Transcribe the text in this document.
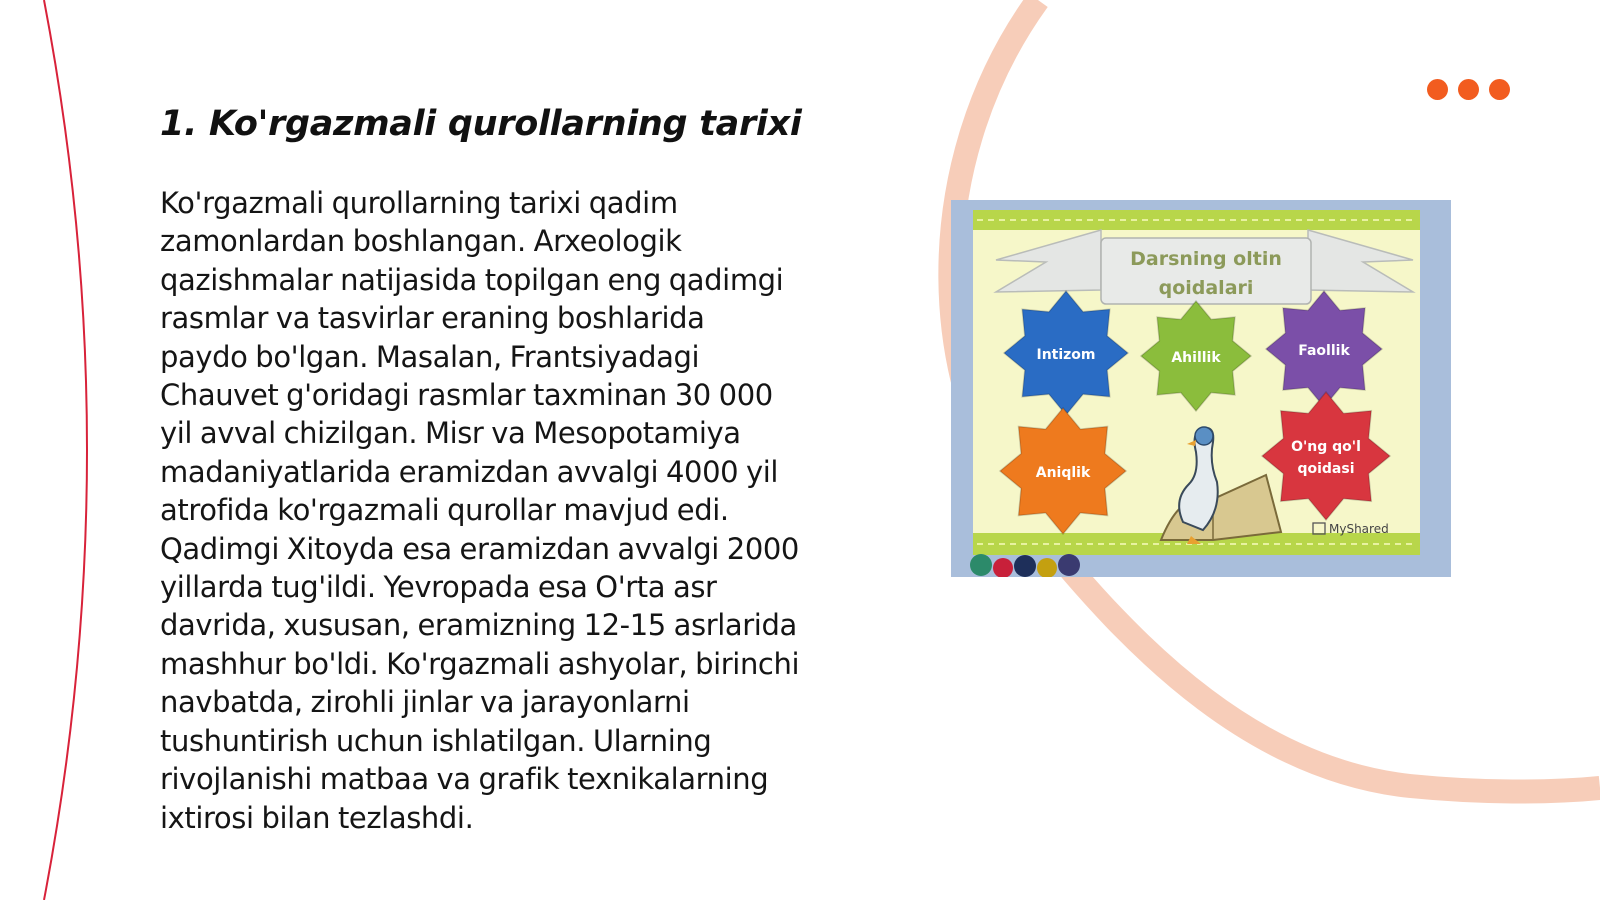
1. Ko'rgazmali qurollarning tarixi
Ko'rgazmali qurollarning tarixi qadim
zamonlardan boshlangan. Arxeologik
qazishmalar natijasida topilgan eng qadimgi
rasmlar va tasvirlar eraning boshlarida
paydo bo'lgan. Masalan, Frantsiyadagi
Chauvet g'oridagi rasmlar taxminan 30 000
yil avval chizilgan. Misr va Mesopotamiya
madaniyatlarida eramizdan avvalgi 4000 yil
atrofida ko'rgazmali qurollar mavjud edi.
Qadimgi Xitoyda esa eramizdan avvalgi 2000
yillarda tug'ildi. Yevropada esa O'rta asr
davrida, xususan, eramizning 12-15 asrlarida
mashhur bo'ldi. Ko'rgazmali ashyolar, birinchi
navbatda, zirohli jinlar va jarayonlarni
tushuntirish uchun ishlatilgan. Ularning
rivojlanishi matbaa va grafik texnikalarning
ixtirosi bilan tezlashdi.
Darsning oltin
qoidalari
Intizom	Ahillik	Faollik
Aniqlik
O'ng qo'l
qoidasi
MyShared
